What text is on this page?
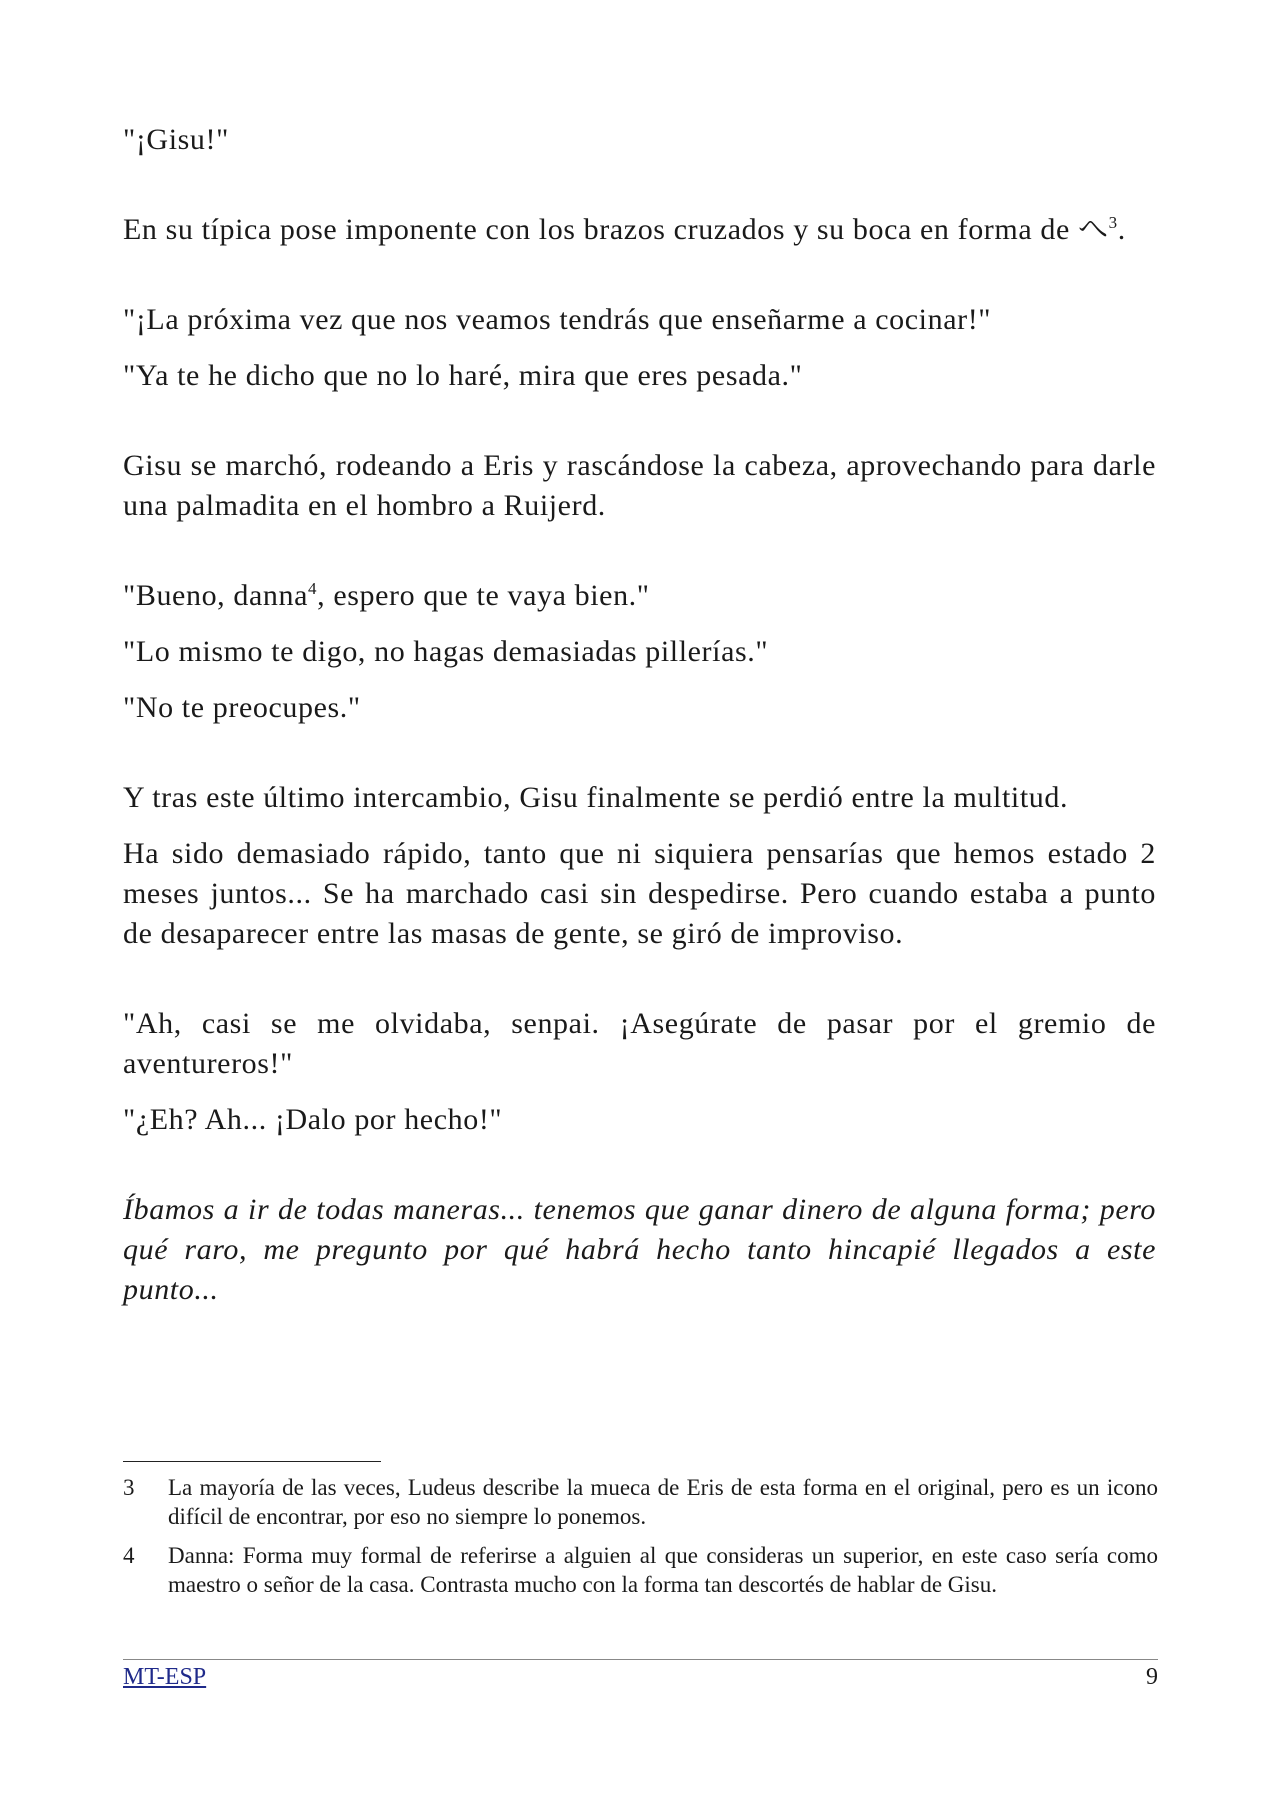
"¡Gisu!"

En su típica pose imponente con los brazos cruzados y su boca en forma de へ$^3$.

"¡La próxima vez que nos veamos tendrás que enseñarme a cocinar!"

"Ya te he dicho que no lo haré, mira que eres pesada."

Gisu se marchó, rodeando a Eris y rascándose la cabeza, aprovechando para darle una palmadita en el hombro a Ruijerd.

"Bueno, danna$^4$, espero que te vaya bien."

"Lo mismo te digo, no hagas demasiadas pillerías."

"No te preocupes."

Y tras este último intercambio, Gisu finalmente se perdió entre la multitud.

Ha sido demasiado rápido, tanto que ni siquiera pensarías que hemos estado 2 meses juntos... Se ha marchado casi sin despedirse. Pero cuando estaba a punto de desaparecer entre las masas de gente, se giró de improviso.

"Ah, casi se me olvidaba, senpai. ¡Asegúrate de pasar por el gremio de aventureros!"

"¿Eh? Ah... ¡Dalo por hecho!"

Íbamos a ir de todas maneras... tenemos que ganar dinero de alguna forma; pero qué raro, me pregunto por qué habrá hecho tanto hincapié llegados a este punto...

3	La mayoría de las veces, Ludeus describe la mueca de Eris de esta forma en el original, pero es un icono difícil de encontrar, por eso no siempre lo ponemos.
4	Danna: Forma muy formal de referirse a alguien al que consideras un superior, en este caso sería como maestro o señor de la casa. Contrasta mucho con la forma tan descortés de hablar de Gisu.
MT-ESP	9
